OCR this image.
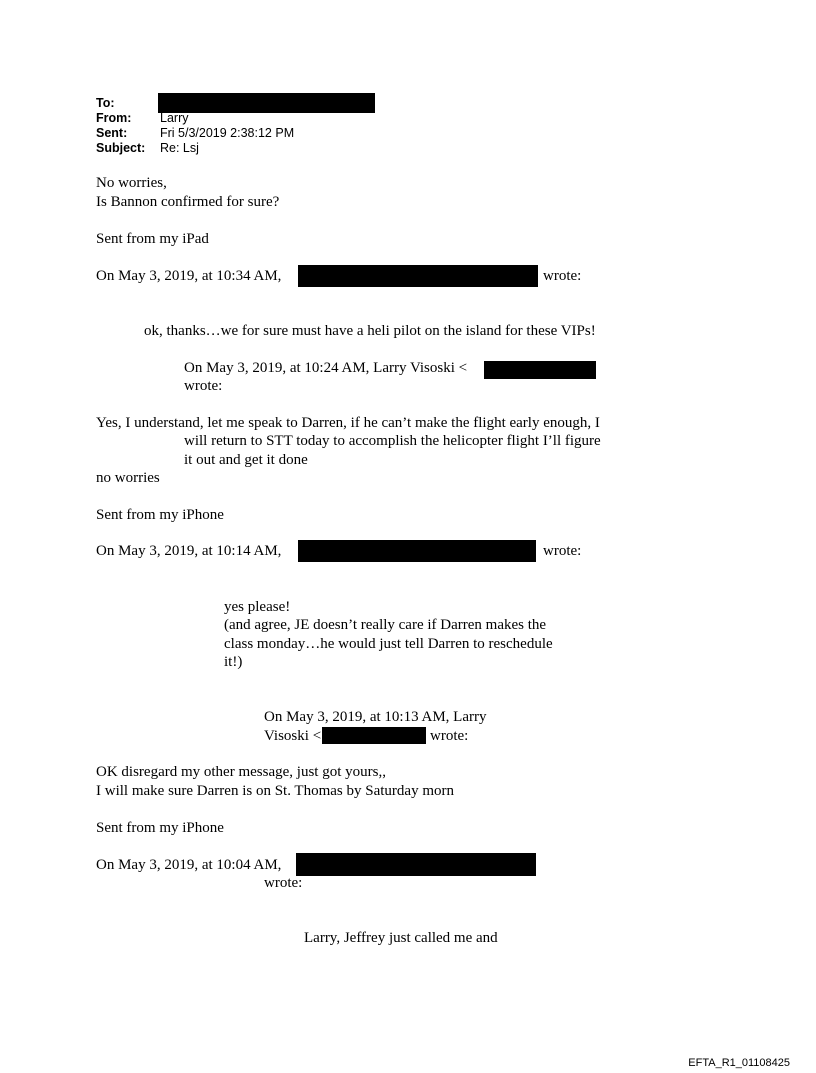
To:
From: Larry
Sent:	Fri 5/3/2019 2:38:12 PM
Subject: Re: Lsj
No worries,
Is Bannon confirmed for sure?
Sent from my iPad
On May 3, 2019, at 10:34 AM,	wrote:
ok, thanks…we for sure must have a heli pilot on the island for these VIPs!
On May 3, 2019, at 10:24 AM, Larry Visoski <
wrote:
Yes, I understand, let me speak to Darren, if he can’t make the flight early enough, I
will return to STT today to accomplish the helicopter flight I’ll figure
it out and get it done
no worries
Sent from my iPhone
On May 3, 2019, at 10:14 AM,	wrote:
yes please!
(and agree, JE doesn’t really care if Darren makes the
class monday…he would just tell Darren to reschedule
it!)
On May 3, 2019, at 10:13 AM, Larry
Visoski <	wrote:
OK disregard my other message, just got yours,,
I will make sure Darren is on St. Thomas by Saturday morn
Sent from my iPhone
On May 3, 2019, at 10:04 AM,
wrote:
Larry, Jeffrey just called me and
EFTA_R1_01108425
